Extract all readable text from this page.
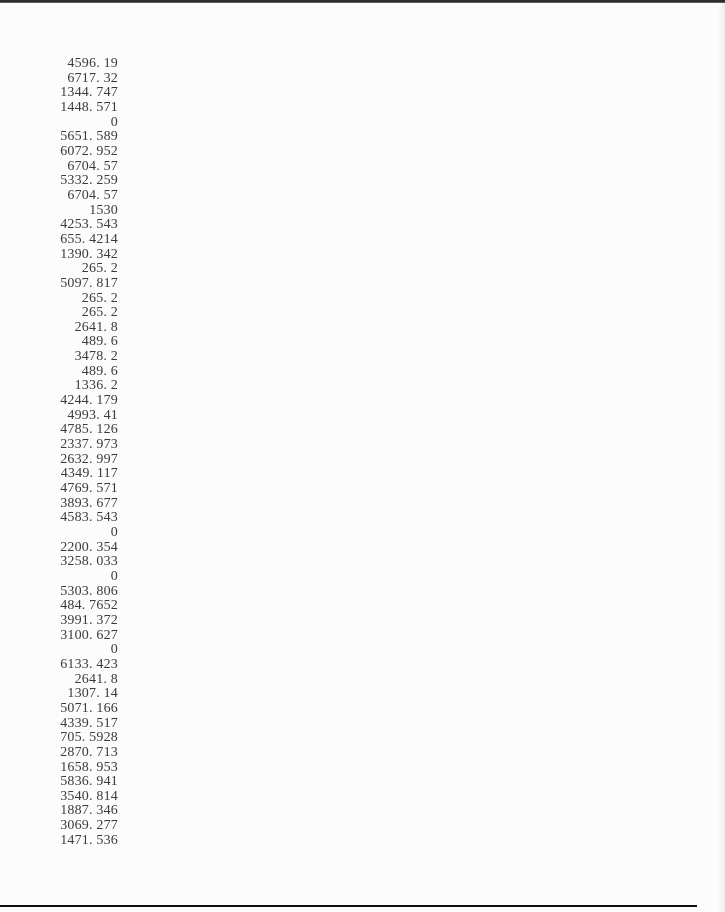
4596. 19
6717. 32
1344. 747
1448. 571
0
5651. 589
6072. 952
6704. 57
5332. 259
6704. 57
1530
4253. 543
655. 4214
1390. 342
265. 2
5097. 817
265. 2
265. 2
2641. 8
489. 6
3478. 2
489. 6
1336. 2
4244. 179
4993. 41
4785. 126
2337. 973
2632. 997
4349. 117
4769. 571
3893. 677
4583. 543
0
2200. 354
3258. 033
0
5303. 806
484. 7652
3991. 372
3100. 627
0
6133. 423
2641. 8
1307. 14
5071. 166
4339. 517
705. 5928
2870. 713
1658. 953
5836. 941
3540. 814
1887. 346
3069. 277
1471. 536
